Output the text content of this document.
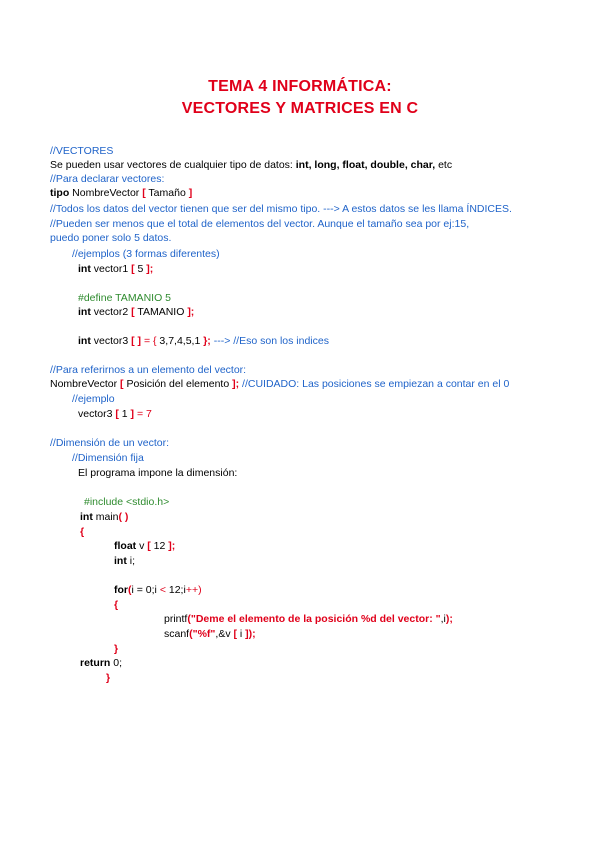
TEMA 4 INFORMÁTICA:
VECTORES Y MATRICES EN C
//VECTORES
Se pueden usar vectores de cualquier tipo de datos: int, long, float, double, char, etc
//Para declarar vectores:
tipo NombreVector [ Tamaño ]
//Todos los datos del vector tienen que ser del mismo tipo. ---> A estos datos se les llama ÍNDICES.
//Pueden ser menos que el total de elementos del vector. Aunque el tamaño sea por ej:15,
puedo poner solo 5 datos.
//ejemplos (3 formas diferentes)
int vector1 [ 5 ];
#define TAMANIO 5
int vector2 [ TAMANIO ];
int vector3 [ ] = { 3,7,4,5,1 }; ---> //Eso son los indices
//Para referirnos a un elemento del vector:
NombreVector [ Posición del elemento ]; //CUIDADO: Las posiciones se empiezan a contar en el 0
//ejemplo
vector3 [ 1 ] = 7
//Dimensión de un vector:
//Dimensión fija
El programa impone la dimensión:
#include <stdio.h>
int main( )
{
float v [ 12 ];
int i;
for(i = 0;i < 12;i++)
{
printf("Deme el elemento de la posición %d del vector: ",i);
scanf("%f",&v [ i ]);
}
return 0;
}
